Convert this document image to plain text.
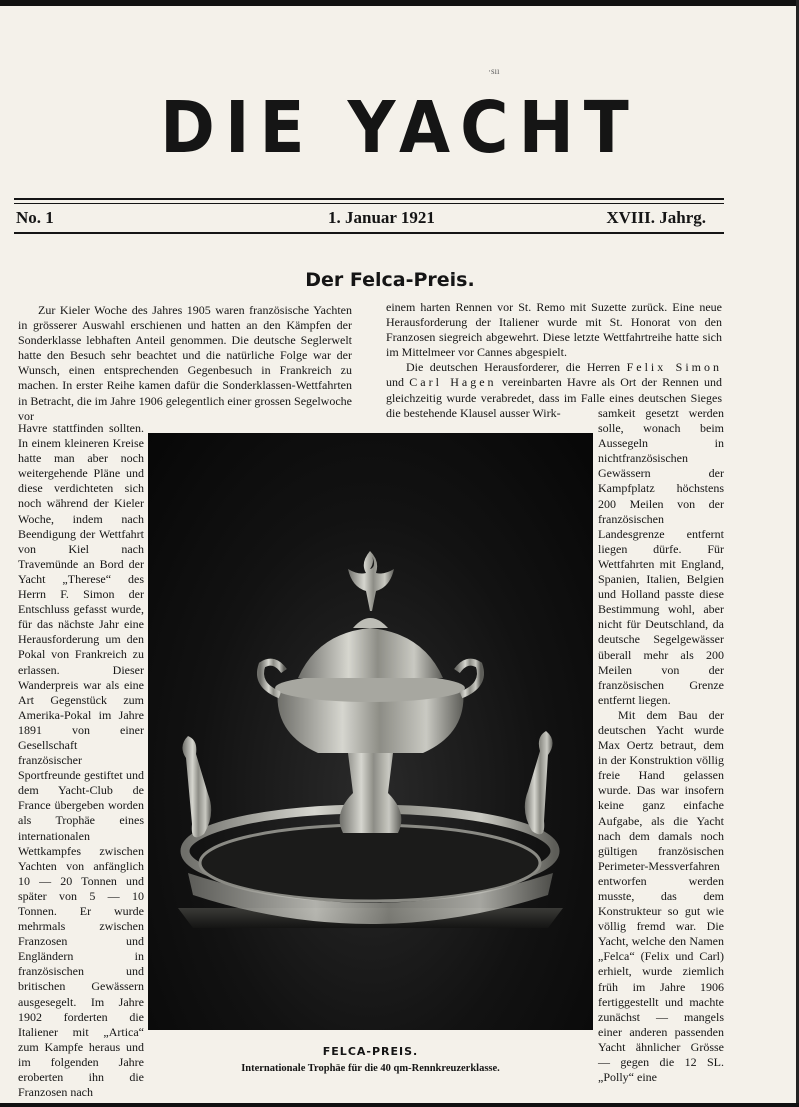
·sıı
DIE YACHT
No. 1	1. Januar 1921	XVIII. Jahrg.
Der Felca-Preis.

Zur Kieler Woche des Jahres 1905 waren französische Yachten in grösserer Auswahl erschienen und hatten an den Kämpfen der Sonderklasse lebhaften Anteil genommen. Die deutsche Seglerwelt hatte den Besuch sehr beachtet und die natürliche Folge war der Wunsch, einen entsprechenden Gegenbesuch in Frankreich zu machen. In erster Reihe kamen dafür die Sonderklassen-Wettfahrten in Betracht, die im Jahre 1906 gelegentlich einer grossen Segelwoche vor

Havre stattfinden sollten. In einem kleineren Kreise hatte man aber noch weitergehende Pläne und diese verdichteten sich noch während der Kieler Woche, indem nach Beendigung der Wettfahrt von Kiel nach Travemünde an Bord der Yacht „Therese“ des Herrn F. Simon der Entschluss gefasst wurde, für das nächste Jahr eine Herausforderung um den Pokal von Frankreich zu erlassen. Dieser Wanderpreis war als eine Art Gegenstück zum Amerika-Pokal im Jahre 1891 von einer Gesellschaft französischer Sportfreunde gestiftet und dem Yacht-Club de France übergeben worden als Trophäe eines internationalen Wettkampfes zwischen Yachten von anfänglich 10 — 20 Tonnen und später von 5 — 10 Tonnen. Er wurde mehrmals zwischen Franzosen und Engländern in französischen und britischen Gewässern ausgesegelt. Im Jahre 1902 forderten die Italiener mit „Artica“ zum Kampfe heraus und im folgenden Jahre eroberten ihn die Franzosen nach

einem harten Rennen vor St. Remo mit Suzette zurück. Eine neue Herausforderung der Italiener wurde mit St. Honorat von den Franzosen siegreich abgewehrt. Diese letzte Wettfahrtreihe hatte sich im Mittelmeer vor Cannes abgespielt.

Die deutschen Herausforderer, die Herren Felix Simon und Carl Hagen vereinbarten Havre als Ort der Rennen und gleichzeitig wurde verabredet, dass im Falle eines deutschen Sieges die bestehende Klausel ausser Wirk-	samkeit gesetzt werden solle, wonach beim Aussegeln in nichtfranzösischen Gewässern der Kampfplatz höchstens 200 Meilen von der französischen Landesgrenze entfernt liegen dürfe. Für Wettfahrten mit England, Spanien, Italien, Belgien und Holland passte diese Bestimmung wohl, aber nicht für Deutschland, da deutsche Segelgewässer überall mehr als 200 Meilen von der französischen Grenze entfernt liegen.

Mit dem Bau der deutschen Yacht wurde Max Oertz betraut, dem in der Konstruktion völlig freie Hand gelassen wurde. Das war insofern keine ganz einfache Aufgabe, als die Yacht nach dem damals noch gültigen französischen Perimeter-Messverfahren entworfen werden musste, das dem Konstrukteur so gut wie völlig fremd war. Die Yacht, welche den Namen „Felca“ (Felix und Carl) erhielt, wurde ziemlich früh im Jahre 1906 fertiggestellt und machte zunächst — mangels einer anderen passenden Yacht ähnlicher Grösse — gegen die 12 SL. „Polly“ eine

FELCA-PREIS.
Internationale Trophäe für die 40 qm-Rennkreuzerklasse.
